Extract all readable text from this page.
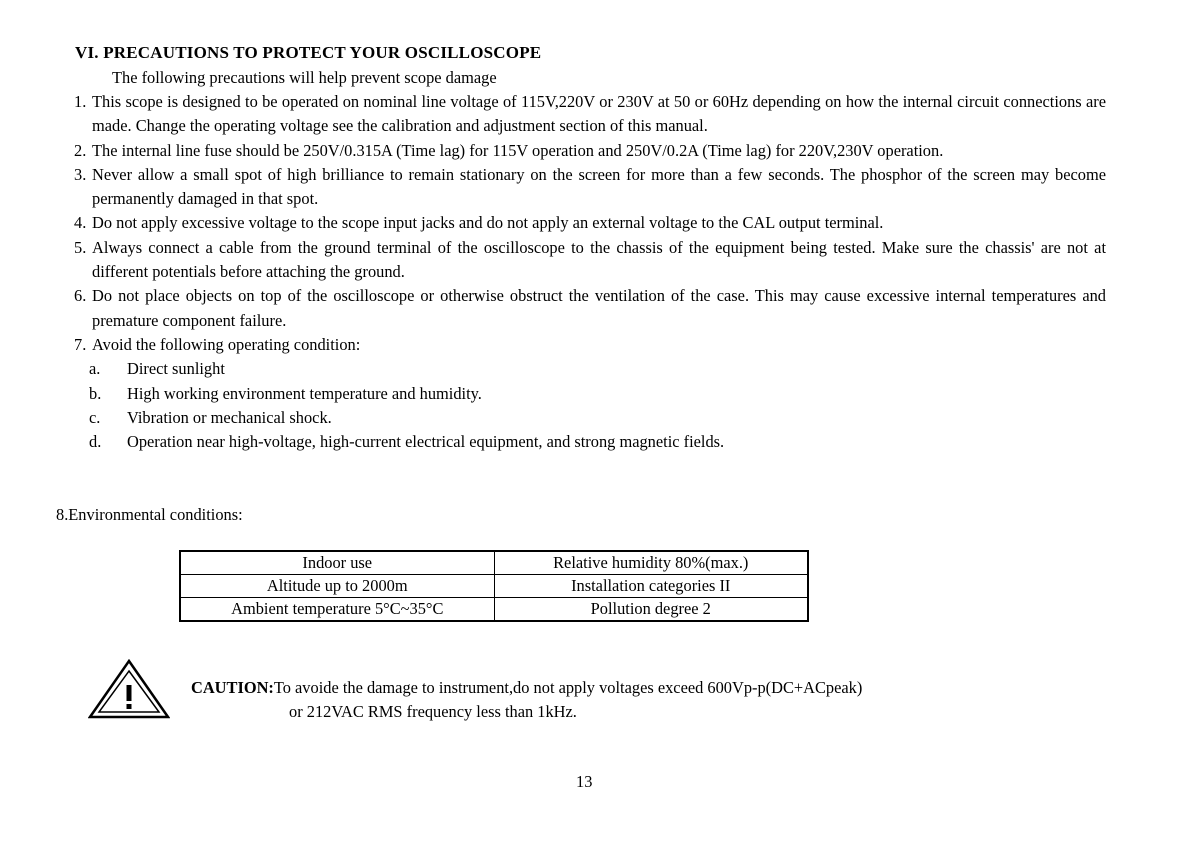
VI. PRECAUTIONS TO PROTECT YOUR OSCILLOSCOPE
The following precautions will help prevent scope damage
1. This scope is designed to be operated on nominal line voltage of 115V,220V or 230V at 50 or 60Hz depending on how the internal circuit connections are made. Change the operating voltage see the calibration and adjustment section of this manual.
2. The internal line fuse should be 250V/0.315A (Time lag) for 115V operation and 250V/0.2A (Time lag) for 220V,230V operation.
3. Never allow a small spot of high brilliance to remain stationary on the screen for more than a few seconds. The phosphor of the screen may become permanently damaged in that spot.
4. Do not apply excessive voltage to the scope input jacks and do not apply an external voltage to the CAL output terminal.
5. Always connect a cable from the ground terminal of the oscilloscope to the chassis of the equipment being tested. Make sure the chassis' are not at different potentials before attaching the ground.
6. Do not place objects on top of the oscilloscope or otherwise obstruct the ventilation of the case. This may cause excessive internal temperatures and premature component failure.
7. Avoid the following operating condition:
a. Direct sunlight
b. High working environment temperature and humidity.
c. Vibration or mechanical shock.
d. Operation near high-voltage, high-current electrical equipment, and strong magnetic fields.
8.Environmental conditions:
Indoor use	Relative humidity 80%(max.)
Altitude up to 2000m	Installation categories II
Ambient temperature 5°C~35°C	Pollution degree 2
CAUTION:To avoide the damage to instrument,do not apply voltages exceed 600Vp-p(DC+ACpeak)
or 212VAC RMS frequency less than 1kHz.
13
